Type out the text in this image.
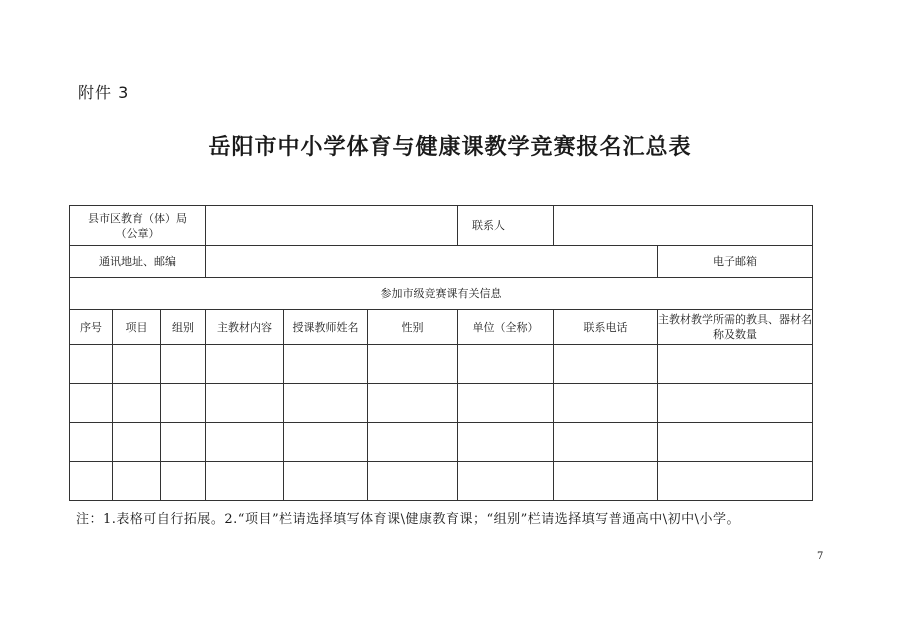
附件 3
岳阳市中小学体育与健康课教学竞赛报名汇总表
县市区教育（体）局
（公章）						联系人		
通讯地址、邮编								电子邮箱
参加市级竞赛课有关信息								
序号	项目	组别	主教材内容	授课教师姓名	性别	单位（全称）	联系电话	主教材教学所需的教具、器材名称及数量

注：1.表格可自行拓展。2.“项目”栏请选择填写体育课\健康教育课；“组别”栏请选择填写普通高中\初中\小学。
7
